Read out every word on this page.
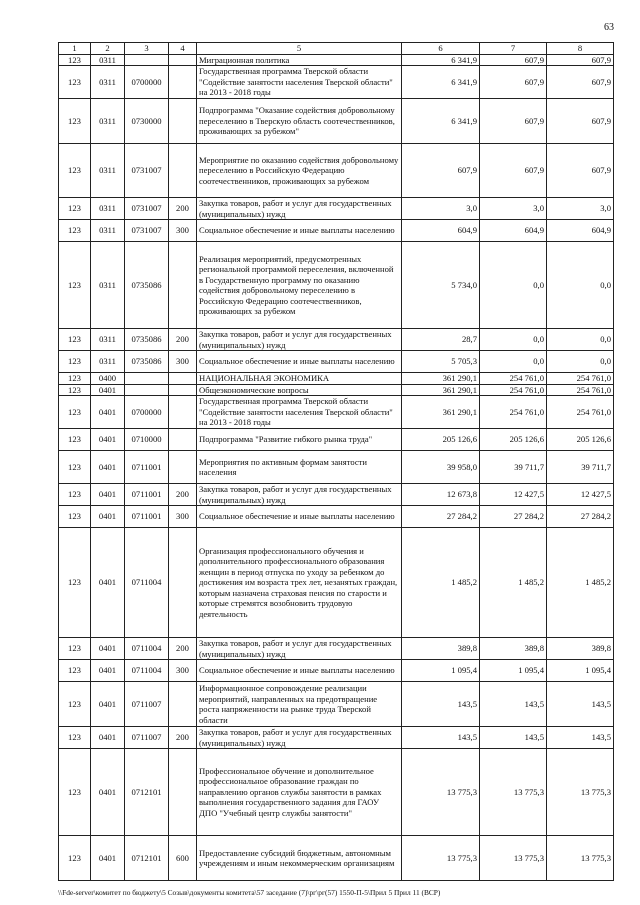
63
1	2	3	4	5	6	7	8
123	0311			Миграционная политика	6 341,9	607,9	607,9
123	0311	0700000		Государственная программа Тверской области "Содействие занятости населения Тверской области" на 2013 - 2018 годы	6 341,9	607,9	607,9
123	0311	0730000		Подпрограмма "Оказание содействия добровольному переселению в Тверскую область соотечественников, проживающих за рубежом"	6 341,9	607,9	607,9
123	0311	0731007		Мероприятие по оказанию содействия добровольному переселению в Российскую Федерацию соотечественников, проживающих за рубежом	607,9	607,9	607,9
123	0311	0731007	200	Закупка товаров, работ и услуг для государственных (муниципальных) нужд	3,0	3,0	3,0
123	0311	0731007	300	Социальное обеспечение и иные выплаты населению	604,9	604,9	604,9
123	0311	0735086		Реализация мероприятий, предусмотренных региональной программой переселения, включенной в Государственную программу по оказанию содействия добровольному переселению в Российскую Федерацию соотечественников, проживающих за рубежом	5 734,0	0,0	0,0
123	0311	0735086	200	Закупка товаров, работ и услуг для государственных (муниципальных) нужд	28,7	0,0	0,0
123	0311	0735086	300	Социальное обеспечение и иные выплаты населению	5 705,3	0,0	0,0
123	0400			НАЦИОНАЛЬНАЯ ЭКОНОМИКА	361 290,1	254 761,0	254 761,0
123	0401			Общеэкономические вопросы	361 290,1	254 761,0	254 761,0
123	0401	0700000		Государственная программа Тверской области "Содействие занятости населения Тверской области" на 2013 - 2018 годы	361 290,1	254 761,0	254 761,0
123	0401	0710000		Подпрограмма "Развитие гибкого рынка труда"	205 126,6	205 126,6	205 126,6
123	0401	0711001		Мероприятия по активным формам занятости населения	39 958,0	39 711,7	39 711,7
123	0401	0711001	200	Закупка товаров, работ и услуг для государственных (муниципальных) нужд	12 673,8	12 427,5	12 427,5
123	0401	0711001	300	Социальное обеспечение и иные выплаты населению	27 284,2	27 284,2	27 284,2
123	0401	0711004		Организация профессионального обучения и дополнительного профессионального образования женщин в период отпуска по уходу за ребенком до достижения им возраста трех лет, незанятых граждан, которым назначена страховая пенсия по старости и которые стремятся возобновить трудовую деятельность	1 485,2	1 485,2	1 485,2
123	0401	0711004	200	Закупка товаров, работ и услуг для государственных (муниципальных) нужд	389,8	389,8	389,8
123	0401	0711004	300	Социальное обеспечение и иные выплаты населению	1 095,4	1 095,4	1 095,4
123	0401	0711007		Информационное сопровождение реализации мероприятий, направленных на предотвращение роста напряженности на рынке труда Тверской области	143,5	143,5	143,5
123	0401	0711007	200	Закупка товаров, работ и услуг для государственных (муниципальных) нужд	143,5	143,5	143,5
123	0401	0712101		Профессиональное обучение и дополнительное профессиональное образование граждан по направлению органов службы занятости в рамках выполнения государственного задания для ГАОУ ДПО "Учебный центр службы занятости"	13 775,3	13 775,3	13 775,3
123	0401	0712101	600	Предоставление субсидий бюджетным, автономным учреждениям и иным некоммерческим организациям	13 775,3	13 775,3	13 775,3
\\Fde-server\комитет по бюджету\5 Созыв\документы комитета\57 заседание (7)\рг\рг(57) 1550-П-5\Прил 5 Прил 11 (ВСР)
